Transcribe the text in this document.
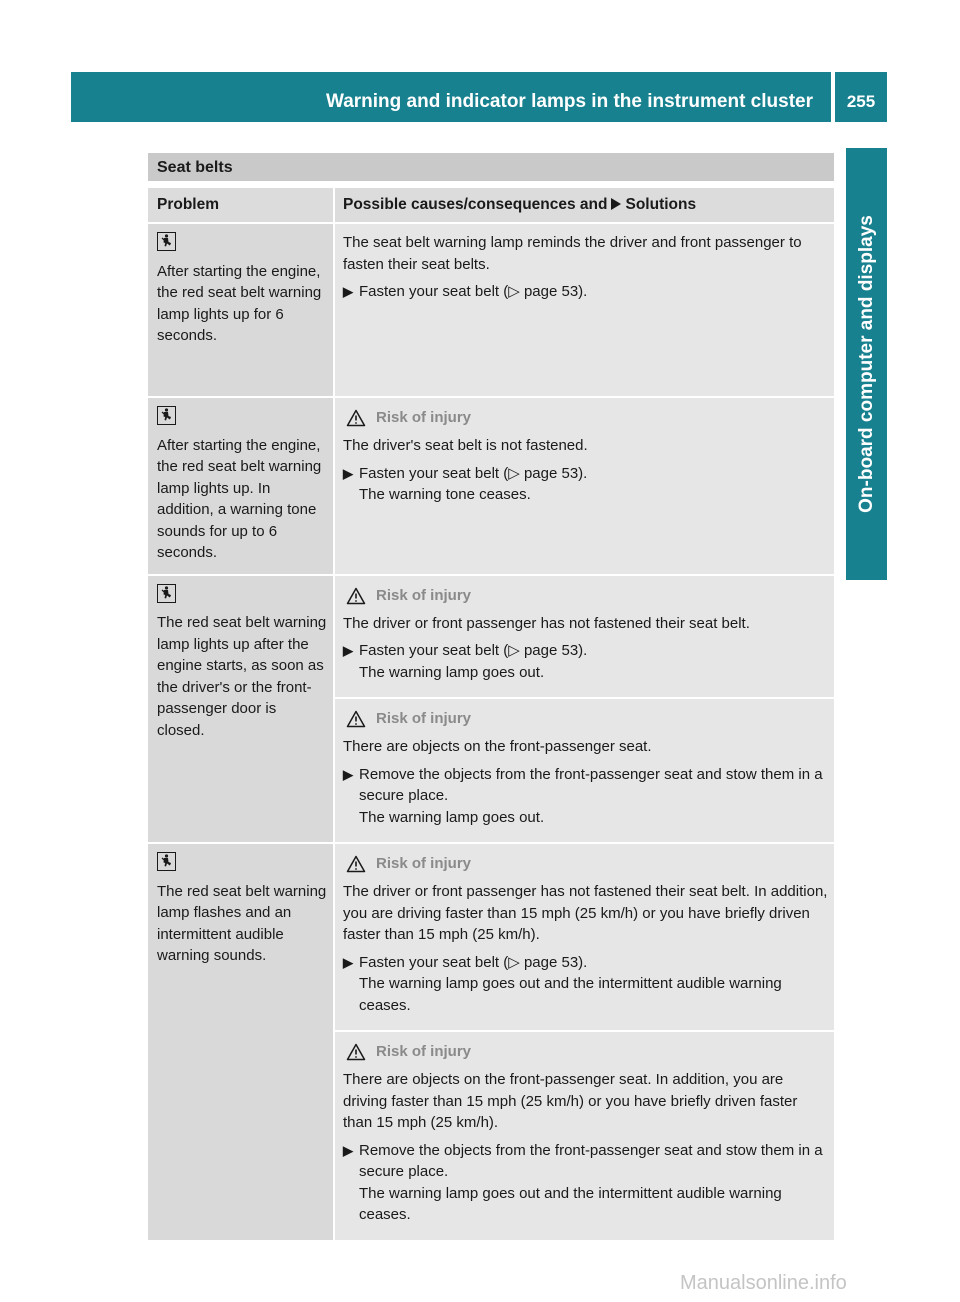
Warning and indicator lamps in the instrument cluster	255
On-board computer and displays
Seat belts
Problem	Possible causes/consequences and Solutions
After starting the engine, the red seat belt warning lamp lights up for 6 seconds.
The seat belt warning lamp reminds the driver and front passenger to fasten their seat belts.
▶ Fasten your seat belt (▷ page 53).
After starting the engine, the red seat belt warning lamp lights up. In addition, a warning tone sounds for up to 6 seconds.
Risk of injury
The driver's seat belt is not fastened.
▶ Fasten your seat belt (▷ page 53).
The warning tone ceases.
The red seat belt warning lamp lights up after the engine starts, as soon as the driver's or the front-passenger door is closed.
Risk of injury
The driver or front passenger has not fastened their seat belt.
▶ Fasten your seat belt (▷ page 53).
The warning lamp goes out.
Risk of injury
There are objects on the front-passenger seat.
▶ Remove the objects from the front-passenger seat and stow them in a secure place.
The warning lamp goes out.
The red seat belt warning lamp flashes and an intermittent audible warning sounds.
Risk of injury
The driver or front passenger has not fastened their seat belt. In addition, you are driving faster than 15 mph (25 km/h) or you have briefly driven faster than 15 mph (25 km/h).
▶ Fasten your seat belt (▷ page 53).
The warning lamp goes out and the intermittent audible warning ceases.
Risk of injury
There are objects on the front-passenger seat. In addition, you are driving faster than 15 mph (25 km/h) or you have briefly driven faster than 15 mph (25 km/h).
▶ Remove the objects from the front-passenger seat and stow them in a secure place.
The warning lamp goes out and the intermittent audible warning ceases.
Manualsonline.info
